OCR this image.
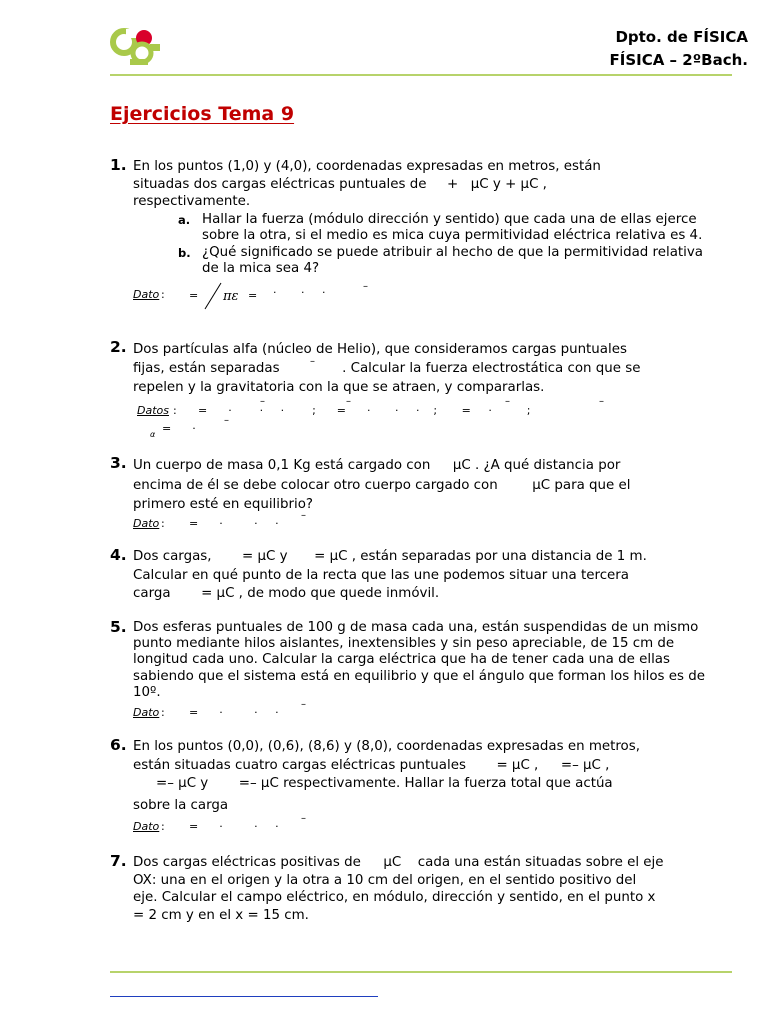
Dpto. de FÍSICA
FÍSICA – 2ºBach.
Ejercicios Tema 9
1. En los puntos (1,0) y (4,0), coordenadas expresadas en metros, están
situadas dos cargas eléctricas puntuales de + μC y + μC ,
respectivamente.
a. Hallar la fuerza (módulo dirección y sentido) que cada una de ellas ejerce sobre la otra, si el medio es mica cuya permitividad eléctrica relativa es 4.
b. ¿Qué significado se puede atribuir al hecho de que la permitividad relativa de la mica sea 4?
Dato : = πε = ·       ·     ·	–
2. Dos partículas alfa (núcleo de Helio), que consideramos cargas puntuales
fijas, están separadas	– . Calcular la fuerza electrostática con que se
repelen y la gravitatoria con la que se atraen, y compararlas.
Datos : =      ·        ·     ·        ;      =      ·       ·     ·    ;       =     ·          ;
–	–	–	–
α =      ·
–
3. Un cuerpo de masa 0,1 Kg está cargado con μC . ¿A qué distancia por
encima de él se debe colocar otro cuerpo cargado con	μC para que el
primero esté en equilibrio?
Dato : =      ·         ·     ·
–
4. Dos cargas, = μC y = μC , están separadas por una distancia de 1 m.
Calcular en qué punto de la recta que las une podemos situar una tercera
carga = μC , de modo que quede inmóvil.
5. Dos esferas puntuales de 100 g de masa cada una, están suspendidas de un mismo punto mediante hilos aislantes, inextensibles y sin peso apreciable, de 15 cm de longitud cada uno. Calcular la carga eléctrica que ha de tener cada una de ellas sabiendo que el sistema está en equilibrio y que el ángulo que forman los hilos es de 10º.
Dato : =      ·         ·     ·
–
6. En los puntos (0,0), (0,6), (8,6) y (8,0), coordenadas expresadas en metros,
están situadas cuatro cargas eléctricas puntuales = μC , =– μC ,
=– μC y =– μC respectivamente. Hallar la fuerza total que actúa
sobre la carga
Dato : =      ·         ·     ·
–
7. Dos cargas eléctricas positivas de μC cada una están situadas sobre el eje
OX: una en el origen y la otra a 10 cm del origen, en el sentido positivo del
eje. Calcular el campo eléctrico, en módulo, dirección y sentido, en el punto x
= 2 cm y en el x = 15 cm.
